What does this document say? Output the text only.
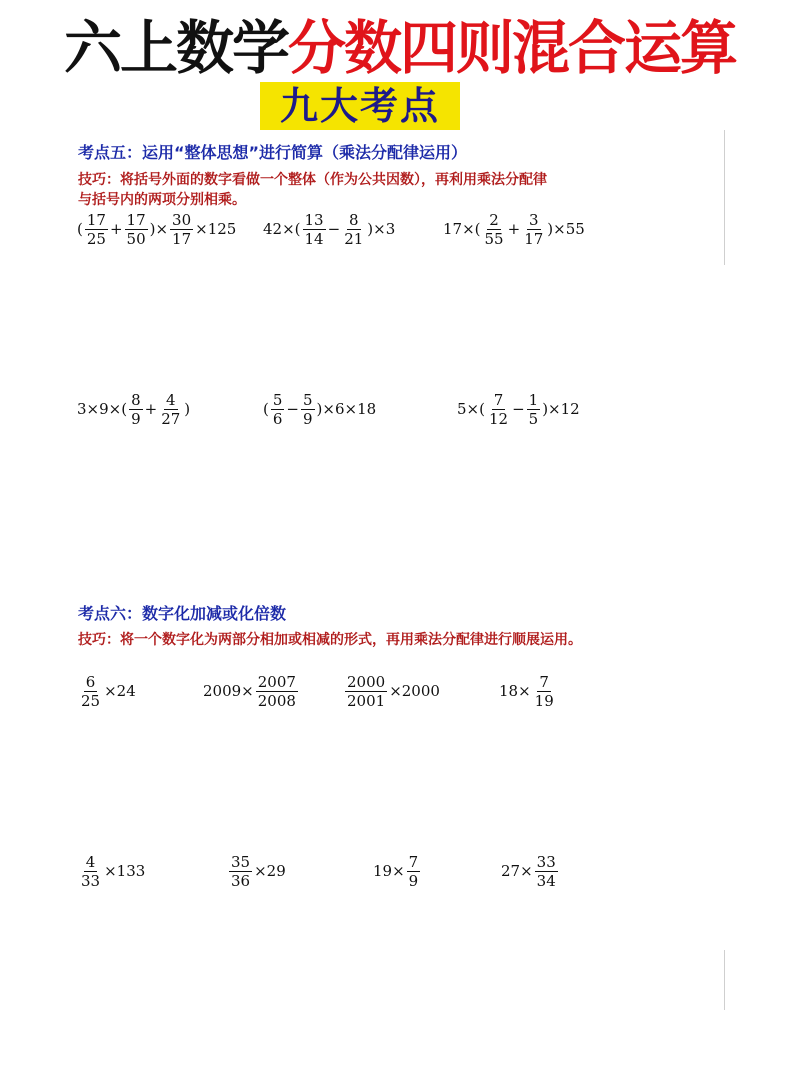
六上数学分数四则混合运算
九大考点
考点五：运用“整体思想”进行简算（乘法分配律运用）
技巧：将括号外面的数字看做一个整体（作为公共因数），再利用乘法分配律
与括号内的两项分别相乘。
( $\frac{17}{25} + \frac{17}{50}$ )× $\frac{30}{17} \times 125$ $42\times( \frac{13}{14} - \frac{8}{21} )\times 3$	$17\times( \frac{2}{55} + \frac{3}{17} )\times 55$
$3\times 9\times( \frac{8}{9} + \frac{4}{27}$ )	( $\frac{5}{6} - \frac{5}{9} )\times 6\times 18$	$5\times( \frac{7}{12} - \frac{1}{5} )\times 12$
考点六：数字化加减或化倍数
技巧：将一个数字化为两部分相加或相减的形式，再用乘法分配律进行顺展运用。
$\frac{6}{25} \times 24$	$2009\times \frac{2007}{2008}$	$\frac{2000}{2001} \times 2000$	$18\times \frac{7}{19}$
$\frac{4}{33} \times 133$	$\frac{35}{36} \times 29$	$19\times \frac{7}{9}$	$27\times \frac{33}{34}$
